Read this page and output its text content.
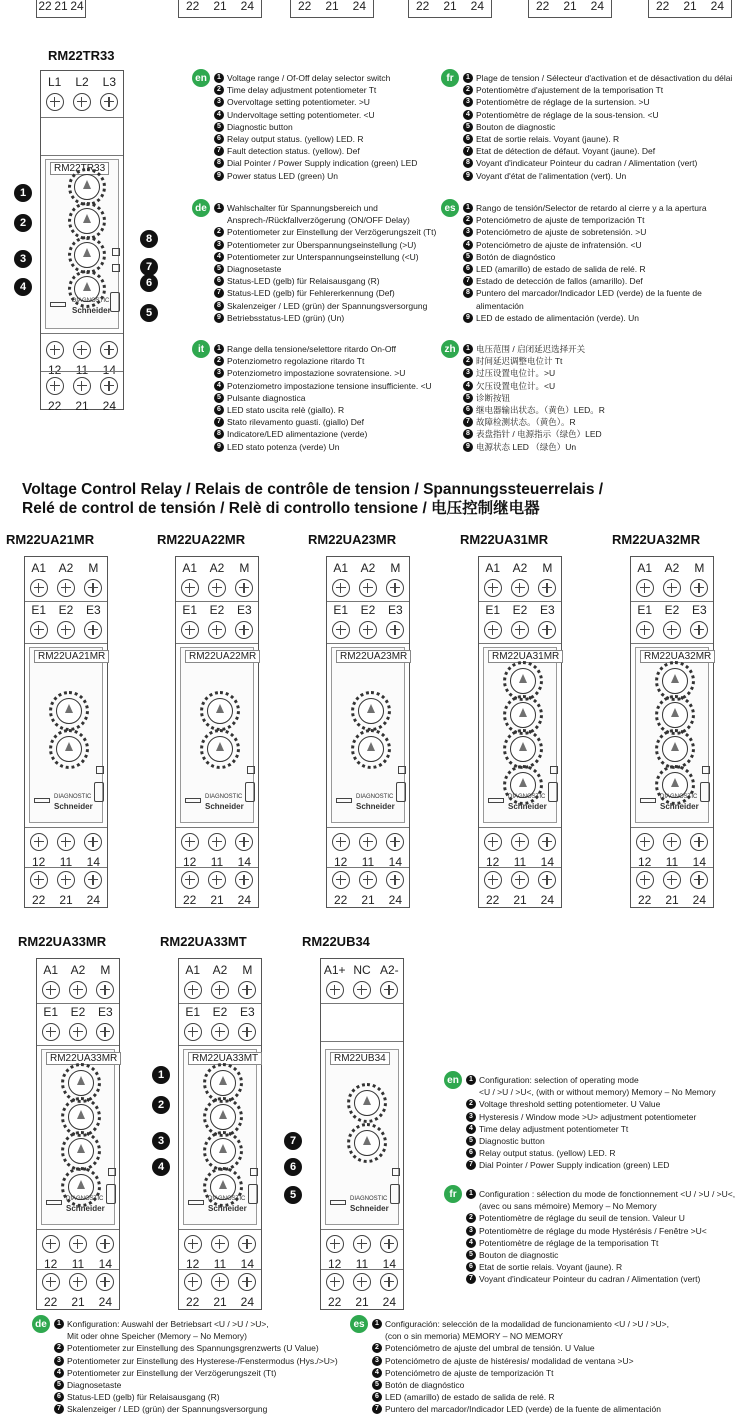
22 21 24	22	21	24	22	21	24	22	21	24	22	21	24	22	21	24
RM22TR33
L1	L2	L3
RM22TR33
DIAGNOSTIC
Schneider
12	11	14
22	21	24
en	1 Voltage range / Of-Off delay selector switch
2 Time delay adjustment potentiometer Tt
3 Overvoltage setting potentiometer. >U
4 Undervoltage setting potentiometer. <U
5 Diagnostic button
6 Relay output status. (yellow) LED. R
7 Fault detection status. (yellow). Def
8 Dial Pointer / Power Supply indication (green) LED
9 Power status LED (green) Un
fr	1 Plage de tension / Sélecteur d'activation et de désactivation du délai
2 Potentiomètre d'ajustement de la temporisation Tt
3 Potentiomètre de réglage de la surtension. >U
4 Potentiomètre de réglage de la sous-tension. <U
5 Bouton de diagnostic
6 Etat de sortie relais. Voyant (jaune). R
7 Etat de détection de défaut. Voyant (jaune). Def
8 Voyant d'indicateur Pointeur du cadran / Alimentation (vert)
9 Voyant d'état de l'alimentation (vert). Un
de	1 Wahlschalter für Spannungsbereich und
Ansprech-/Rückfallverzögerung (ON/OFF Delay)
2 Potentiometer zur Einstellung der Verzögerungszeit (Tt)
3 Potentiometer zur Überspannungseinstellung (>U)
4 Potentiometer zur Unterspannungseinstellung (<U)
5 Diagnosetaste
6 Status-LED (gelb) für Relaisausgang (R)
7 Status-LED (gelb) für Fehlererkennung (Def)
8 Skalenzeiger / LED (grün) der Spannungsversorgung
9 Betriebsstatus-LED (grün) (Un)
es	1 Rango de tensión/Selector de retardo al cierre y a la apertura
2 Potenciómetro de ajuste de temporización Tt
3 Potenciómetro de ajuste de sobretensión. >U
4 Potenciómetro de ajuste de infratensión. <U
5 Botón de diagnóstico
6 LED (amarillo) de estado de salida de relé. R
7 Estado de detección de fallos (amarillo). Def
8 Puntero del marcador/Indicador LED (verde) de la fuente de alimentación
9 LED de estado de alimentación (verde). Un
it	1 Range della tensione/selettore ritardo On-Off
2 Potenziometro regolazione ritardo Tt
3 Potenziometro impostazione sovratensione. >U
4 Potenziometro impostazione tensione insufficiente. <U
5 Pulsante diagnostica
6 LED stato uscita relè (giallo). R
7 Stato rilevamento guasti. (giallo) Def
8 Indicatore/LED alimentazione (verde)
9 LED stato potenza (verde) Un
zh	1 电压范围 / 启闭延迟选择开关
2 时间延迟调整电位计 Tt
3 过压设置电位计。>U
4 欠压设置电位计。<U
5 诊断按钮
6 继电器输出状态。（黄色）LED。R
7 故障检测状态。（黄色）。R
8 表盘指针 / 电源指示（绿色）LED
9 电源状态 LED （绿色）Un
Voltage Control Relay / Relais de contrôle de tension / Spannungssteuerrelais /
Relé de control de tensión / Relè di controllo tensione / 电压控制继电器
RM22UA21MR
A1	A2	M
E1	E2	E3
RM22UA21MR
DIAGNOSTIC
Schneider
12	11	14
22	21	24
RM22UA22MR
A1	A2	M
E1	E2	E3
RM22UA22MR
DIAGNOSTIC
Schneider
12	11	14
22	21	24
RM22UA23MR
A1	A2	M
E1	E2	E3
RM22UA23MR
DIAGNOSTIC
Schneider
12	11	14
22	21	24
RM22UA31MR
A1	A2	M
E1	E2	E3
RM22UA31MR
DIAGNOSTIC
Schneider
12	11	14
22	21	24
RM22UA32MR
A1	A2	M
E1	E2	E3
RM22UA32MR
DIAGNOSTIC
Schneider
12	11	14
22	21	24
RM22UA33MR
A1	A2	M
E1	E2	E3
RM22UA33MR
DIAGNOSTIC
Schneider
12	11	14
22	21	24
RM22UA33MT
A1	A2	M
E1	E2	E3
RM22UA33MT
DIAGNOSTIC
Schneider
12	11	14
22	21	24
RM22UB34
A1+ NC A2-
RM22UB34
DIAGNOSTIC
Schneider
12	11	14
22	21	24
1
2
3
4
7
6
5
en	1 Configuration: selection of operating mode
<U / >U / >U<, (with or without memory) Memory – No Memory
2 Voltage threshold setting potentiometer. U Value
3 Hysteresis / Window mode >U> adjustment potentiometer
4 Time delay adjustment potentiometer Tt
5 Diagnostic button
6 Relay output status. (yellow) LED. R
7 Dial Pointer / Power Supply indication (green) LED
fr	1 Configuration : sélection du mode de fonctionnement <U / >U / >U<,
(avec ou sans mémoire) Memory – No Memory
2 Potentiomètre de réglage du seuil de tension. Valeur U
3 Potentiomètre de réglage du mode Hystérésis / Fenêtre >U<
4 Potentiomètre de réglage de la temporisation Tt
5 Bouton de diagnostic
6 Etat de sortie relais. Voyant (jaune). R
7 Voyant d'indicateur Pointeur du cadran / Alimentation (vert)
de	1 Konfiguration: Auswahl der Betriebsart <U / >U / >U>,
Mit oder ohne Speicher (Memory – No Memory)
2 Potentiometer zur Einstellung des Spannungsgrenzwerts (U Value)
3 Potentiometer zur Einstellung des Hysterese-/Fenstermodus (Hys./>U>)
4 Potentiometer zur Einstellung der Verzögerungszeit (Tt)
5 Diagnosetaste
6 Status-LED (gelb) für Relaisausgang (R)
7 Skalenzeiger / LED (grün) der Spannungsversorgung
es	1 Configuración: selección de la modalidad de funcionamiento <U / >U / >U>,
(con o sin memoria) MEMORY – NO MEMORY
2 Potenciómetro de ajuste del umbral de tensión. U Value
3 Potenciómetro de ajuste de histéresis/ modalidad de ventana >U>
4 Potenciómetro de ajuste de temporización Tt
5 Botón de diagnóstico
6 LED (amarillo) de estado de salida de relé. R
7 Puntero del marcador/Indicador LED (verde) de la fuente de alimentación
1
2
3
4
5
6
7
8
